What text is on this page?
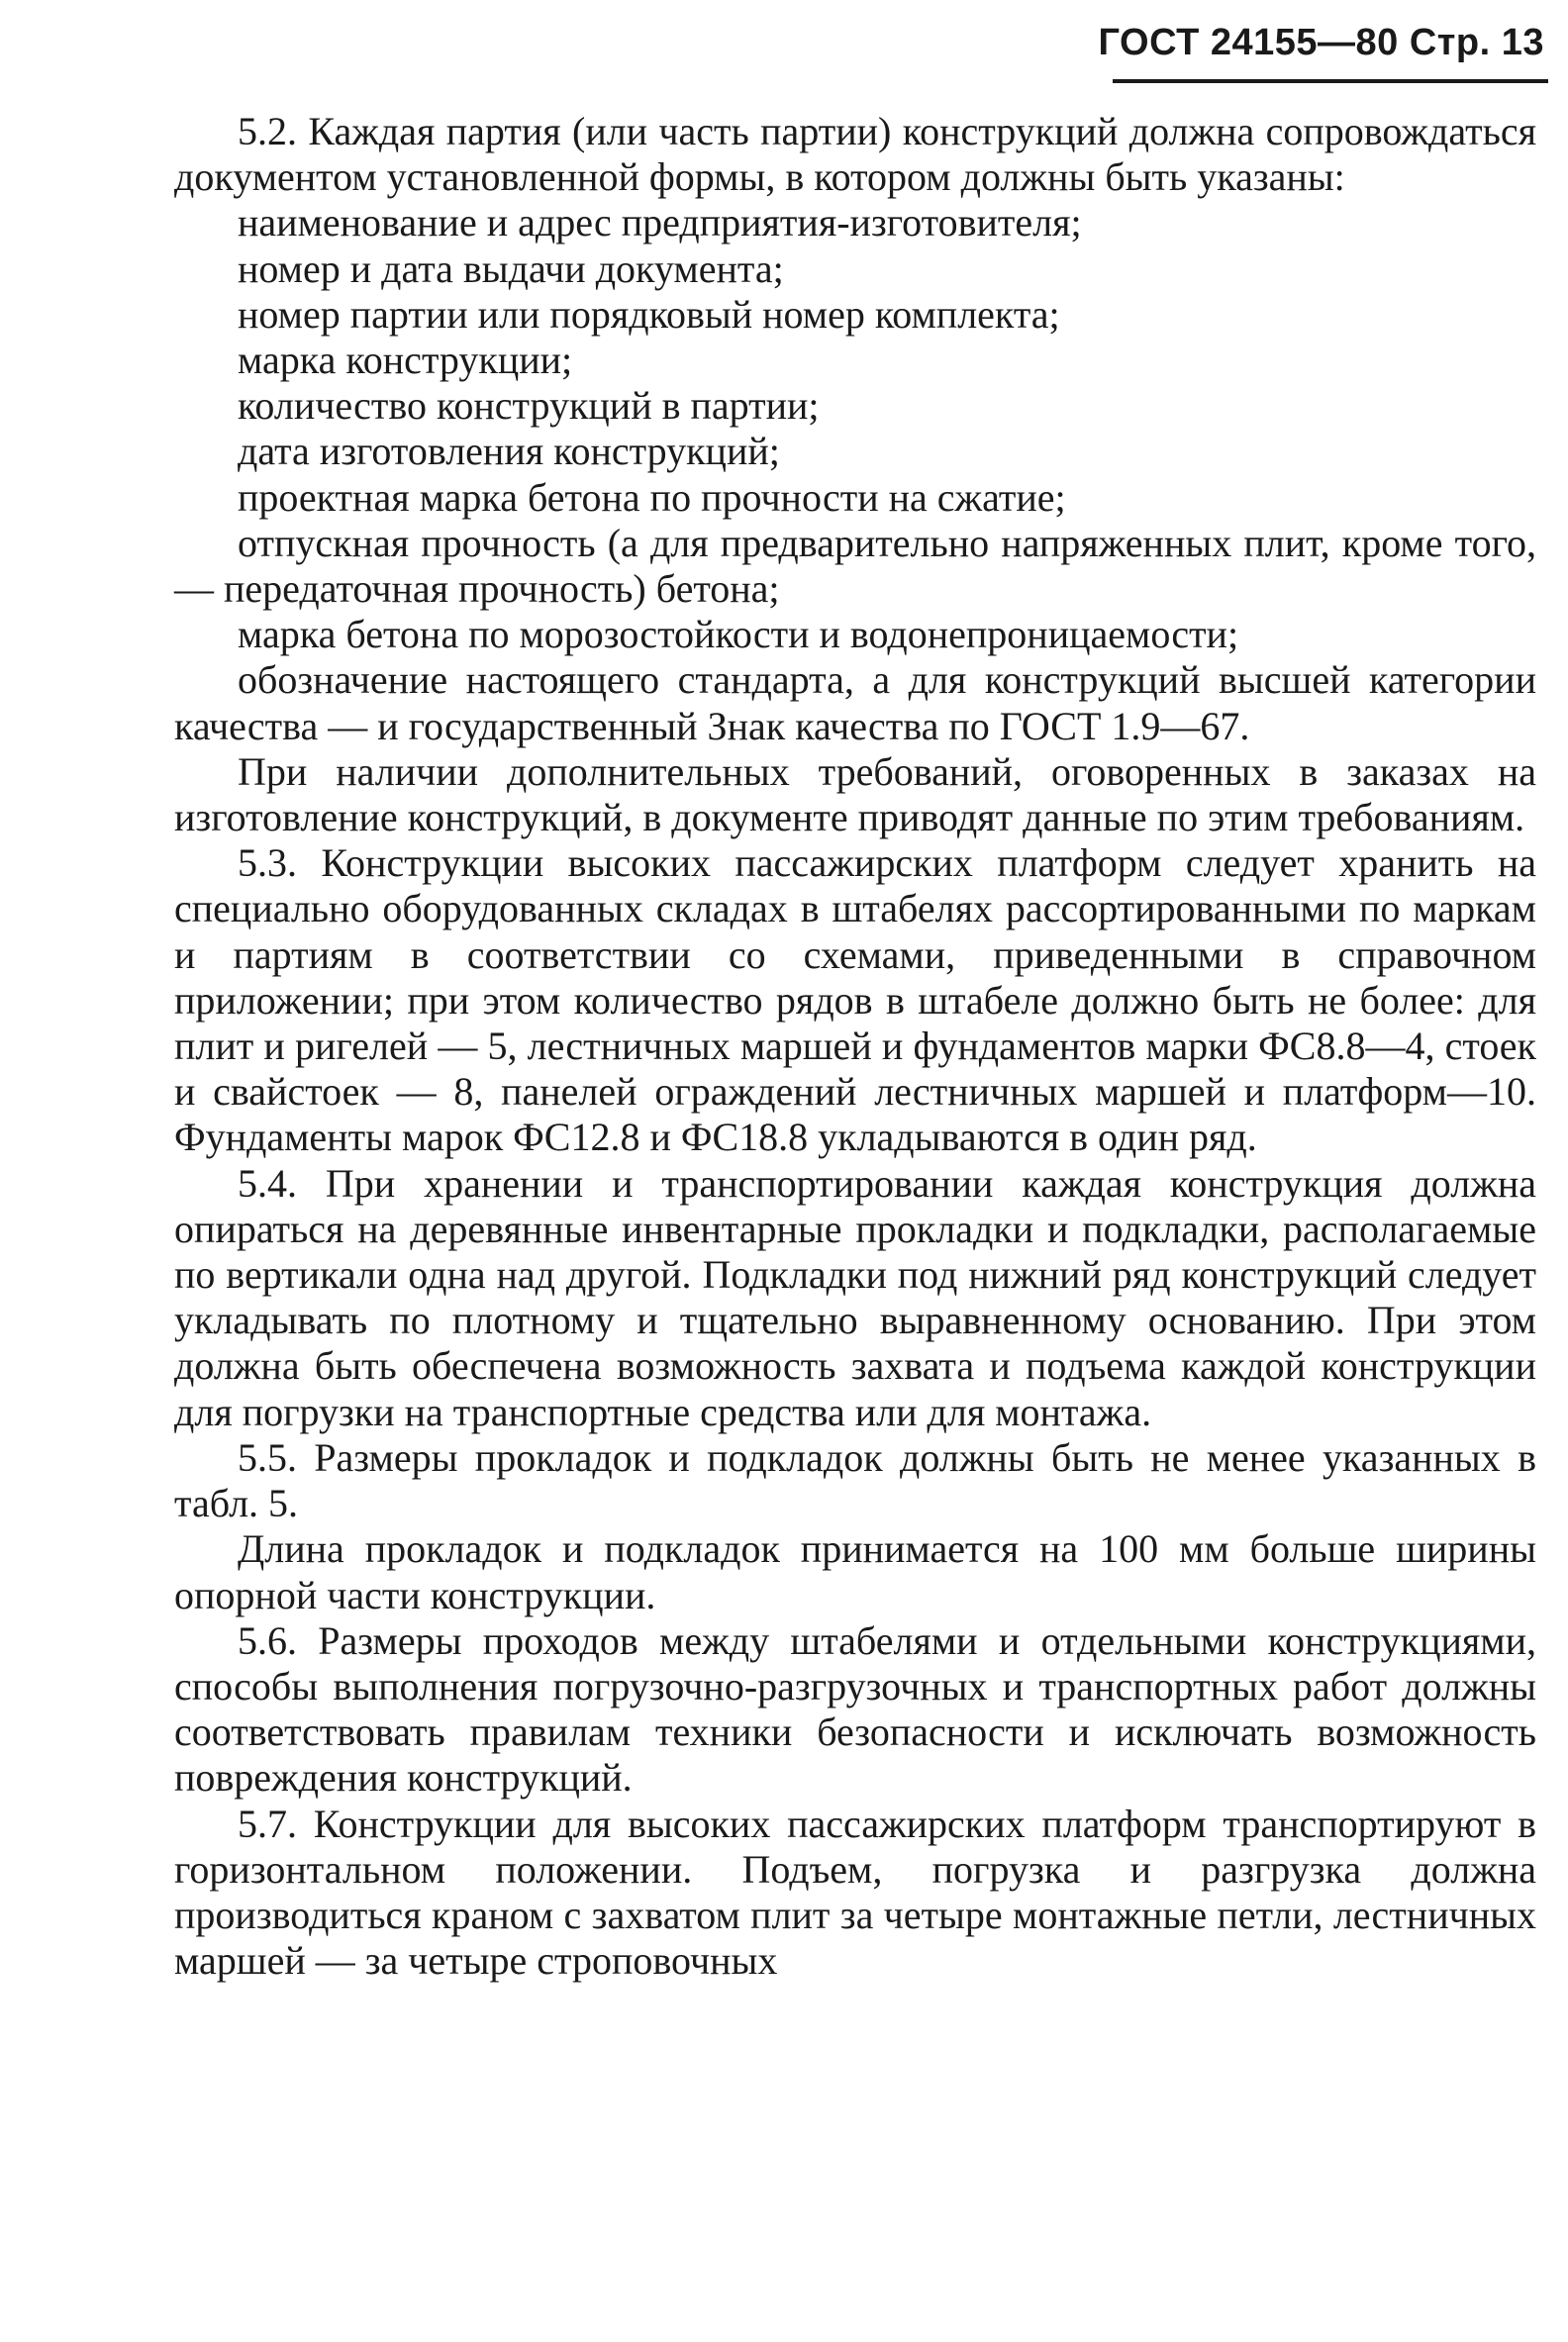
ГОСТ 24155—80 Стр. 13

5.2. Каждая партия (или часть партии) конструкций должна сопровождаться документом установленной формы, в котором должны быть указаны:

наименование и адрес предприятия-изготовителя;

номер и дата выдачи документа;

номер партии или порядковый номер комплекта;

марка конструкции;

количество конструкций в партии;

дата изготовления конструкций;

проектная марка бетона по прочности на сжатие;

отпускная прочность (а для предварительно напряженных плит, кроме того, — передаточная прочность) бетона;

марка бетона по морозостойкости и водонепроницаемости;

обозначение настоящего стандарта, а для конструкций высшей категории качества — и государственный Знак качества по ГОСТ 1.9—67.

При наличии дополнительных требований, оговоренных в заказах на изготовление конструкций, в документе приводят данные по этим требованиям.

5.3. Конструкции высоких пассажирских платформ следует хранить на специально оборудованных складах в штабелях рассортированными по маркам и партиям в соответствии со схемами, приведенными в справочном приложении; при этом количество рядов в штабеле должно быть не более: для плит и ригелей — 5, лестничных маршей и фундаментов марки ФС8.8—4, стоек и свайстоек — 8, панелей ограждений лестничных маршей и платформ—10. Фундаменты марок ФС12.8 и ФС18.8 укладываются в один ряд.

5.4. При хранении и транспортировании каждая конструкция должна опираться на деревянные инвентарные прокладки и подкладки, располагаемые по вертикали одна над другой. Подкладки под нижний ряд конструкций следует укладывать по плотному и тщательно выравненному основанию. При этом должна быть обеспечена возможность захвата и подъема каждой конструкции для погрузки на транспортные средства или для монтажа.

5.5. Размеры прокладок и подкладок должны быть не менее указанных в табл. 5.

Длина прокладок и подкладок принимается на 100 мм больше ширины опорной части конструкции.

5.6. Размеры проходов между штабелями и отдельными конструкциями, способы выполнения погрузочно-разгрузочных и транспортных работ должны соответствовать правилам техники безопасности и исключать возможность повреждения конструкций.

5.7. Конструкции для высоких пассажирских платформ транспортируют в горизонтальном положении. Подъем, погрузка и разгрузка должна производиться краном с захватом плит за четыре монтажные петли, лестничных маршей — за четыре строповочных
